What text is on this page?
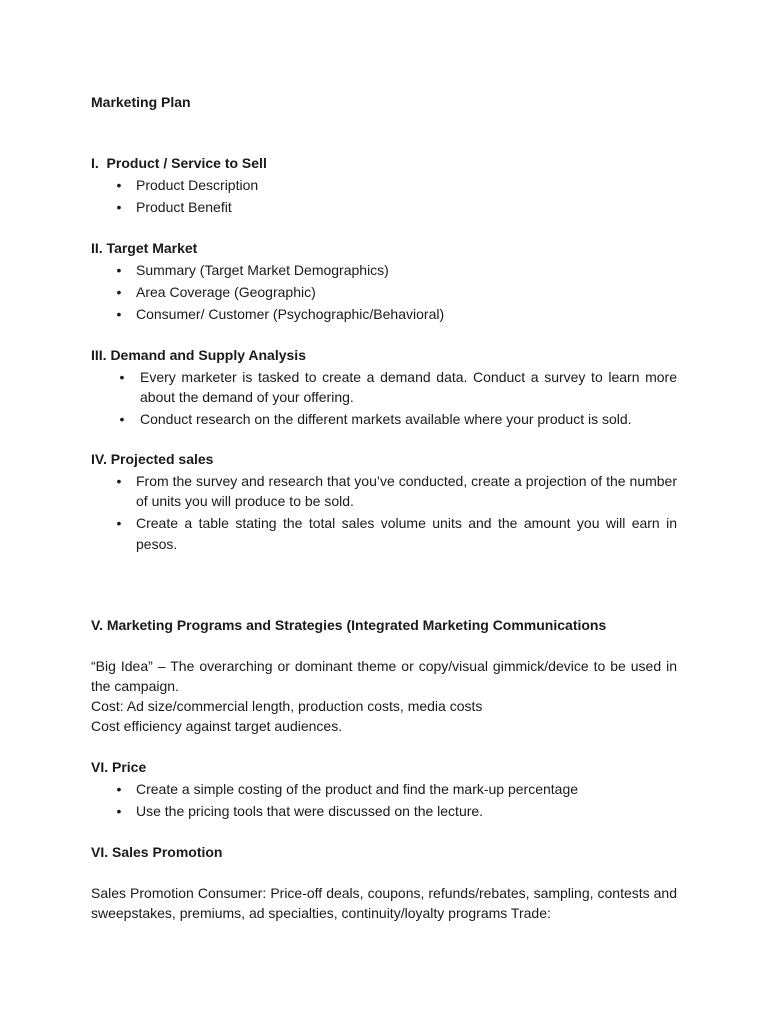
Marketing Plan

I.  Product / Service to Sell

• Product Description
• Product Benefit

II. Target Market

• Summary (Target Market Demographics)
• Area Coverage (Geographic)
• Consumer/ Customer (Psychographic/Behavioral)

III. Demand and Supply Analysis

• Every marketer is tasked to create a demand data. Conduct a survey to learn more about the demand of your offering.
• Conduct research on the different markets available where your product is sold.

IV. Projected sales

• From the survey and research that you’ve conducted, create a projection of the number of units you will produce to be sold.
• Create a table stating the total sales volume units and the amount you will earn in pesos.

V. Marketing Programs and Strategies (Integrated Marketing Communications

“Big Idea” – The overarching or dominant theme or copy/visual gimmick/device to be used in the campaign.

Cost: Ad size/commercial length, production costs, media costs

Cost efficiency against target audiences.

VI. Price

• Create a simple costing of the product and find the mark-up percentage
• Use the pricing tools that were discussed on the lecture.

VI. Sales Promotion

Sales Promotion Consumer: Price-off deals, coupons, refunds/rebates, sampling, contests and sweepstakes, premiums, ad specialties, continuity/loyalty programs Trade:
